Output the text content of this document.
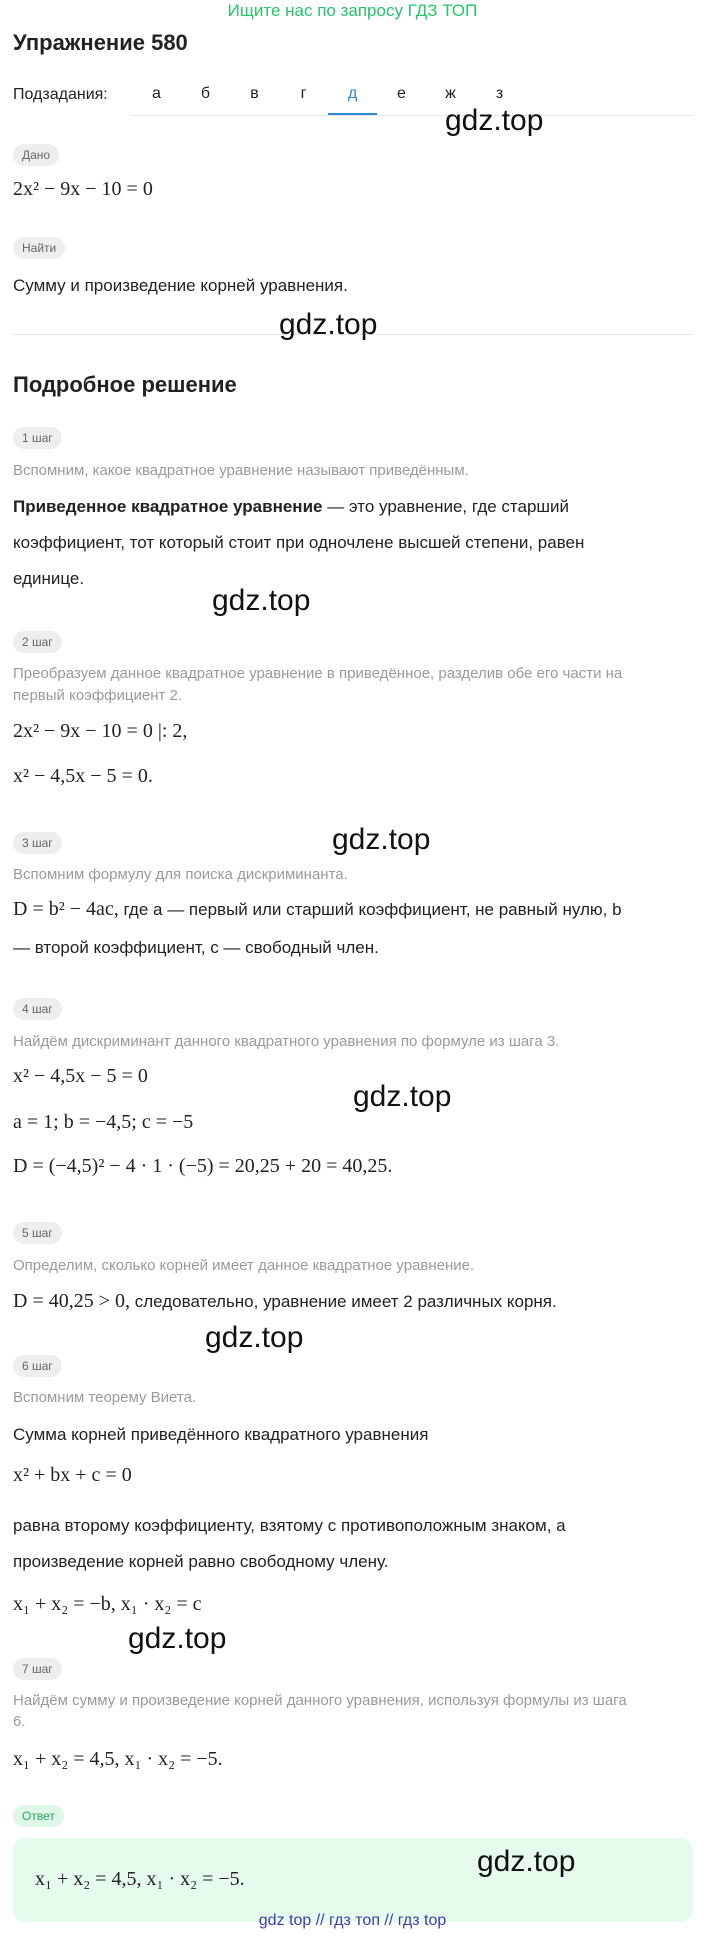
Ищите нас по запросу ГДЗ ТОП
Упражнение 580
Подзадания:	а	б	в	г	д	е	ж	з
Дано
2x² − 9x − 10 = 0
Найти
Сумму и произведение корней уравнения.
Подробное решение
1 шаг
Вспомним, какое квадратное уравнение называют приведённым.
Приведенное квадратное уравнение — это уравнение, где старший
коэффициент, тот который стоит при одночлене высшей степени, равен
единице.
2 шаг
Преобразуем данное квадратное уравнение в приведённое, разделив обе его части на
первый коэффициент 2.
2x² − 9x − 10 = 0 |: 2,
x² − 4,5x − 5 = 0.
3 шаг
Вспомним формулу для поиска дискриминанта.
D = b² − 4ac, где a — первый или старший коэффициент, не равный нулю, b
— второй коэффициент, c — свободный член.
4 шаг
Найдём дискриминант данного квадратного уравнения по формуле из шага 3.
x² − 4,5x − 5 = 0
a = 1; b = −4,5; c = −5
D = (−4,5)² − 4 · 1 · (−5) = 20,25 + 20 = 40,25.
5 шаг
Определим, сколько корней имеет данное квадратное уравнение.
D = 40,25 > 0, следовательно, уравнение имеет 2 различных корня.
6 шаг
Вспомним теорему Виета.
Сумма корней приведённого квадратного уравнения
x² + bx + c = 0
равна второму коэффициенту, взятому с противоположным знаком, а
произведение корней равно свободному члену.
x₁ + x₂ = −b, x₁ · x₂ = c
7 шаг
Найдём сумму и произведение корней данного уравнения, используя формулы из шага
6.
x₁ + x₂ = 4,5, x₁ · x₂ = −5.
Ответ
x₁ + x₂ = 4,5, x₁ · x₂ = −5.
gdz.top
gdz.top
gdz.top
gdz.top
gdz.top
gdz.top
gdz.top
gdz.top
gdz top // гдз топ // гдз top
